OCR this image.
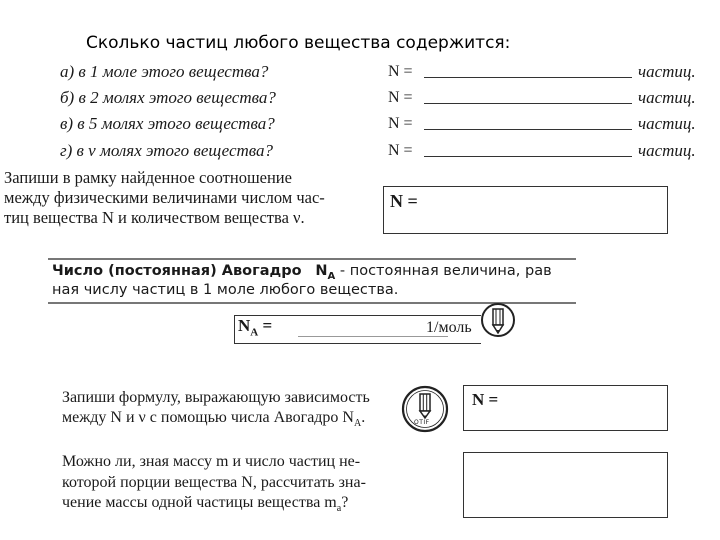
Сколько частиц любого вещества содержится:
а) в 1 моле этого вещества?	N =	частиц.
б) в 2 молях этого вещества?	N =	частиц.
в) в 5 молях этого вещества?	N =	частиц.
г) в ν молях этого вещества?	N =	частиц.
Запиши в рамку найденное соотношение
между физическими величинами числом час-
тиц вещества N и количеством вещества ν.
N =
Число (постоянная) Авогадро $N_A$ - постоянная величина, рав
ная числу частиц в 1 моле любого вещества.
$N_A$ =	1/моль
Запиши формулу, выражающую зависимость
между N и ν с помощью числа Авогадро $N_A$.	OTIF
N =
Можно ли, зная массу m и число частиц не-
которой порции вещества N, рассчитать зна-
чение массы одной частицы вещества $m_a$?
